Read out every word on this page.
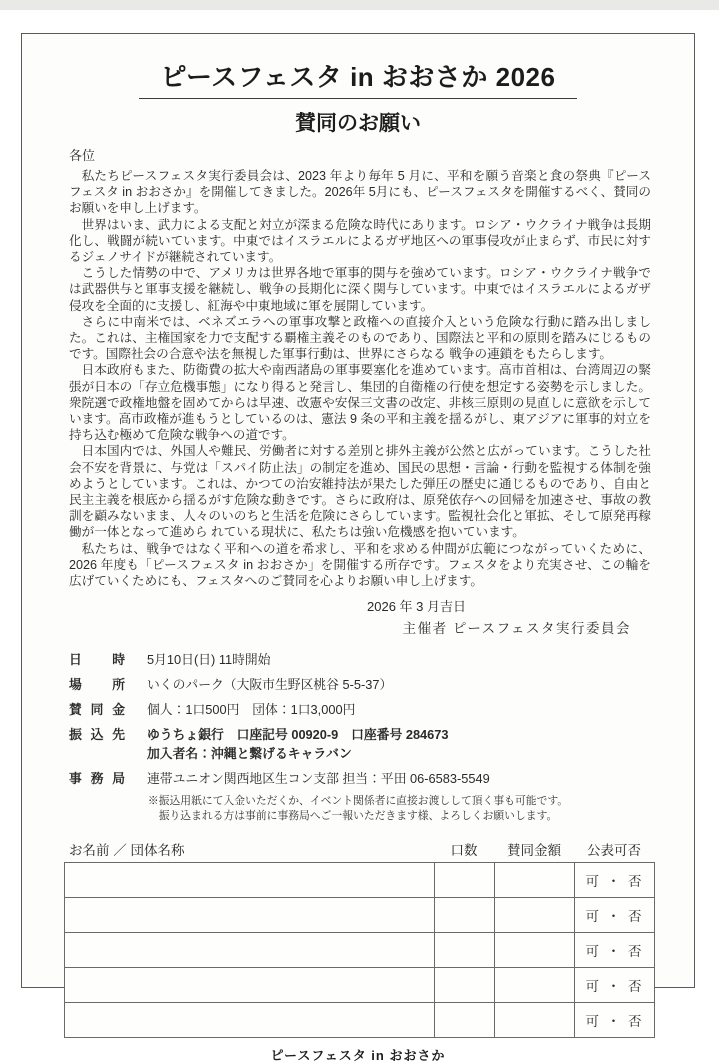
ピースフェスタ in おおさか 2026
賛同のお願い
各位

私たちピースフェスタ実行委員会は、2023 年より毎年 5 月に、平和を願う音楽と食の祭典『ピースフェスタ in おおさか』を開催してきました。2026年 5月にも、ピースフェスタを開催するべく、賛同のお願いを申し上げます。

世界はいま、武力による支配と対立が深まる危険な時代にあります。ロシア・ウクライナ戦争は長期化し、戦闘が続いています。中東ではイスラエルによるガザ地区への軍事侵攻が止まらず、市民に対するジェノサイドが継続されています。

こうした情勢の中で、アメリカは世界各地で軍事的関与を強めています。ロシア・ウクライナ戦争では武器供与と軍事支援を継続し、戦争の長期化に深く関与しています。中東ではイスラエルによるガザ侵攻を全面的に支援し、紅海や中東地域に軍を展開しています。

さらに中南米では、ベネズエラへの軍事攻撃と政権への直接介入という危険な行動に踏み出しました。これは、主権国家を力で支配する覇権主義そのものであり、国際法と平和の原則を踏みにじるものです。国際社会の合意や法を無視した軍事行動は、世界にさらなる 戦争の連鎖をもたらします。

日本政府もまた、防衛費の拡大や南西諸島の軍事要塞化を進めています。高市首相は、台湾周辺の緊張が日本の「存立危機事態」になり得ると発言し、集団的自衛権の行使を想定する姿勢を示しました。衆院選で政権地盤を固めてからは早速、改憲や安保三文書の改定、非核三原則の見直しに意欲を示しています。高市政権が進もうとしているのは、憲法 9 条の平和主義を揺るがし、東アジアに軍事的対立を持ち込む極めて危険な戦争への道です。

日本国内では、外国人や難民、労働者に対する差別と排外主義が公然と広がっています。こうした社会不安を背景に、与党は「スパイ防止法」の制定を進め、国民の思想・言論・行動を監視する体制を強めようとしています。これは、かつての治安維持法が果たした弾圧の歴史に通じるものであり、自由と民主主義を根底から揺るがす危険な動きです。さらに政府は、原発依存への回帰を加速させ、事故の教訓を顧みないまま、人々のいのちと生活を危険にさらしています。監視社会化と軍拡、そして原発再稼働が一体となって進めら れている現状に、私たちは強い危機感を抱いています。

私たちは、戦争ではなく平和への道を希求し、平和を求める仲間が広範につながっていくために、2026 年度も「ピースフェスタ in おおさか」を開催する所存です。フェスタをより充実させ、この輪を広げていくためにも、フェスタへのご賛同を心よりお願い申し上げます。

2026 年 3 月吉日
主催者 ピースフェスタ実行委員会
日　時 5月10日(日) 11時開始
場　所 いくのパーク（大阪市生野区桃谷 5-5-37）
賛 同 金 個人：1口500円　団体：1口3,000円
振 込 先 ゆうちょ銀行　口座記号 00920-9　口座番号 284673
加入者名：沖縄と繋げるキャラバン
事 務 局 連帯ユニオン関西地区生コン支部 担当：平田 06-6583-5549
※振込用紙にて入金いただくか、イベント関係者に直接お渡しして頂く事も可能です。
振り込まれる方は事前に事務局へご一報いただきます様、よろしくお願いします。
お名前 ／ 団体名称	口数	賛同金額	公表可否
			可 ・ 否
			可 ・ 否
			可 ・ 否
			可 ・ 否
			可 ・ 否
ピースフェスタ in おおさか
